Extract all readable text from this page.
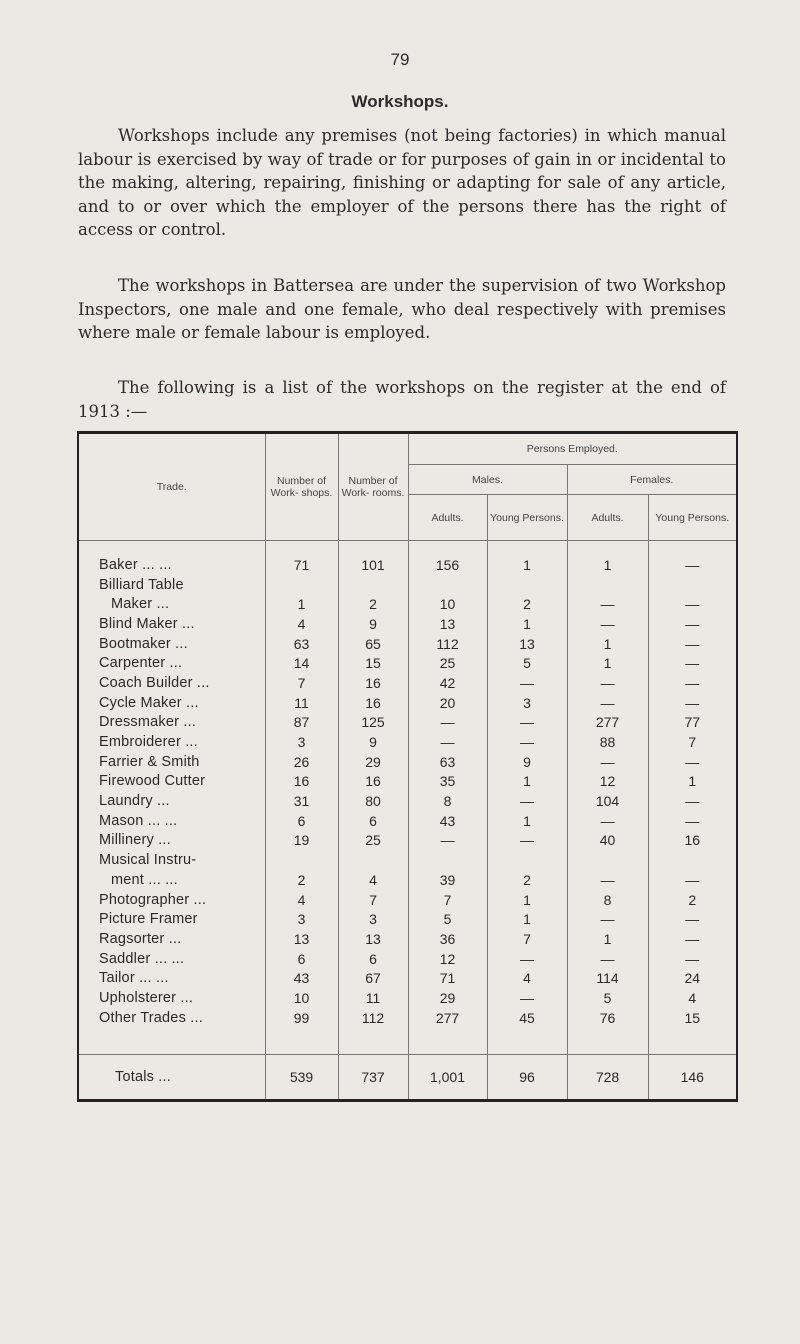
79
Workshops.

Workshops include any premises (not being factories) in which manual labour is exercised by way of trade or for purposes of gain in or incidental to the making, altering, repairing, finishing or adapting for sale of any article, and to or over which the employer of the persons there has the right of access or control.

The workshops in Battersea are under the supervision of two Workshop Inspectors, one male and one female, who deal respectively with premises where male or female labour is employed.

The following is a list of the workshops on the register at the end of 1913 :—

Trade.	Number of Work- shops.	Number of Work- rooms.	Persons Employed.			
			Males.		Females.	
			Adults.	Young Persons.	Adults.	Young Persons.

Baker ... ...	71	101	156	1	1	—
Billiard Table						
Maker ...	1	2	10	2	—	—
Blind Maker ...	4	9	13	1	—	—
Bootmaker ...	63	65	112	13	1	—
Carpenter ...	14	15	25	5	1	—
Coach Builder ...	7	16	42	—	—	—
Cycle Maker ...	11	16	20	3	—	—
Dressmaker ...	87	125	—	—	277	77
Embroiderer ...	3	9	—	—	88	7
Farrier & Smith	26	29	63	9	—	—
Firewood Cutter	16	16	35	1	12	1
Laundry ...	31	80	8	—	104	—
Mason ... ...	6	6	43	1	—	—
Millinery ...	19	25	—	—	40	16
Musical Instru-						
ment ... ...	2	4	39	2	—	—
Photographer ...	4	7	7	1	8	2
Picture Framer	3	3	5	1	—	—
Ragsorter ...	13	13	36	7	1	—
Saddler ... ...	6	6	12	—	—	—
Tailor ... ...	43	67	71	4	114	24
Upholsterer ...	10	11	29	—	5	4
Other Trades ...	99	112	277	45	76	15

Totals ...	539	737	1,001	96	728	146
